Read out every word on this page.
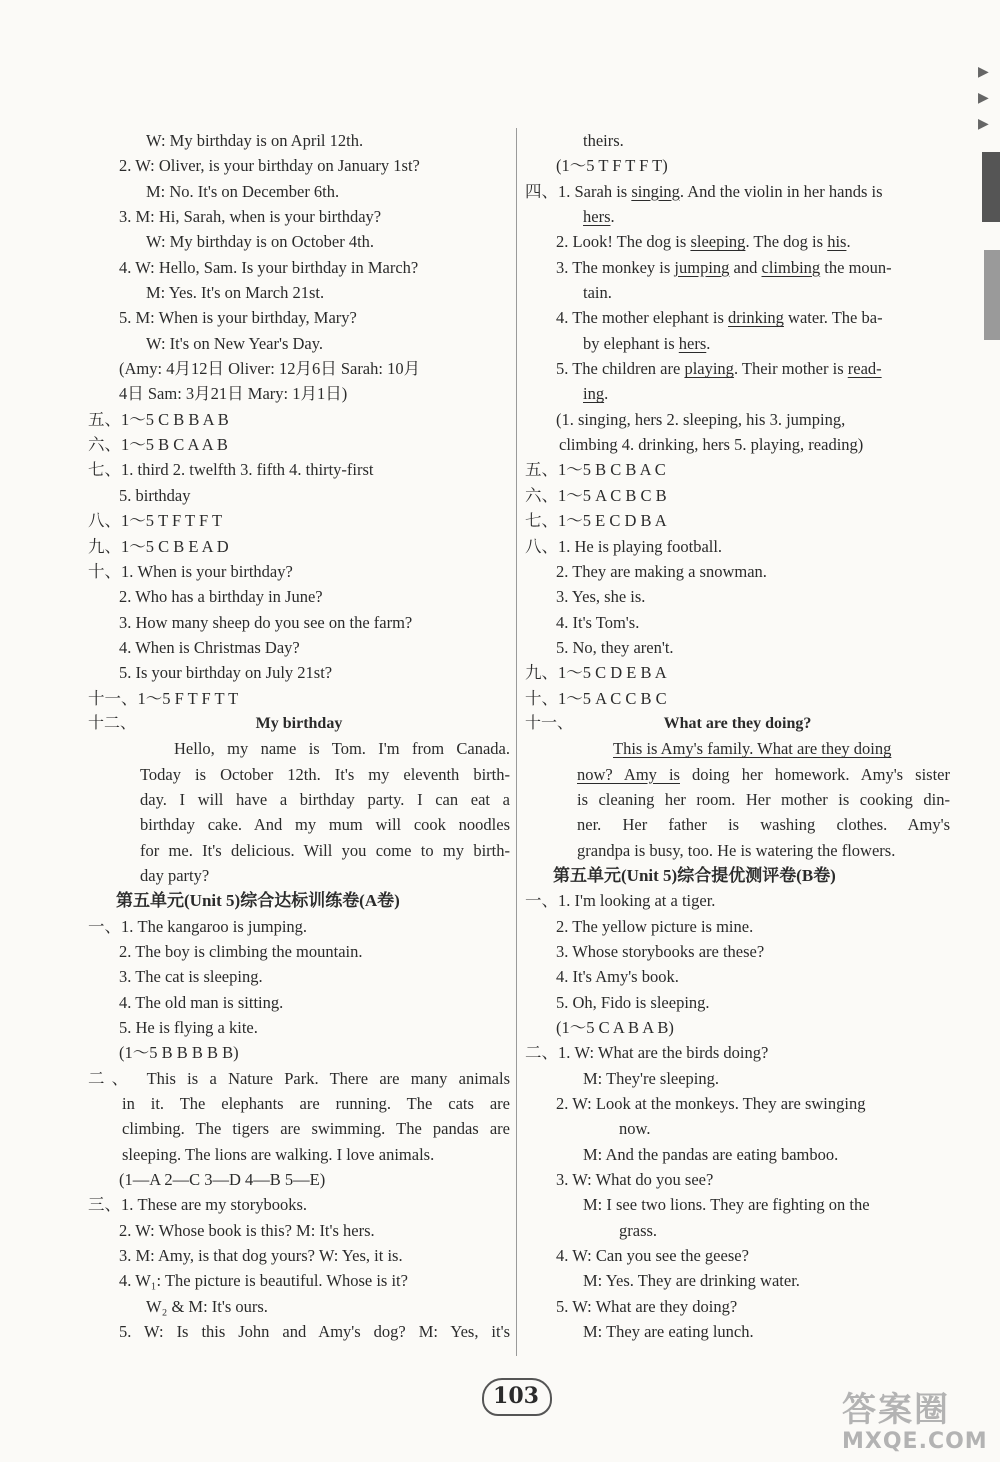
▶
▶
▶
W: My birthday is on April 12th.
2. W: Oliver, is your birthday on January 1st?
M: No. It's on December 6th.
3. M: Hi, Sarah, when is your birthday?
W: My birthday is on October 4th.
4. W: Hello, Sam. Is your birthday in March?
M: Yes. It's on March 21st.
5. M: When is your birthday, Mary?
W: It's on New Year's Day.
(Amy: 4月12日 Oliver: 12月6日 Sarah: 10月
4日 Sam: 3月21日 Mary: 1月1日)
五、1～5 C B B A B
六、1～5 B C A A B
七、1. third 2. twelfth 3. fifth 4. thirty-first
5. birthday
八、1～5 T F T F T
九、1～5 C B E A D
十、1. When is your birthday?
2. Who has a birthday in June?
3. How many sheep do you see on the farm?
4. When is Christmas Day?
5. Is your birthday on July 21st?
十一、1～5 F T F T T
十二、	My birthday
Hello, my name is Tom. I'm from Canada.
Today is October 12th. It's my eleventh birth-
day. I will have a birthday party. I can eat a
birthday cake. And my mum will cook noodles
for me. It's delicious. Will you come to my birth-
day party?
第五单元(Unit 5)综合达标训练卷(A卷)
一、1. The kangaroo is jumping.
2. The boy is climbing the mountain.
3. The cat is sleeping.
4. The old man is sitting.
5. He is flying a kite.
(1～5 B B B B B)
二、 This is a Nature Park. There are many animals
in it. The elephants are running. The cats are
climbing. The tigers are swimming. The pandas are
sleeping. The lions are walking. I love animals.
(1—A 2—C 3—D 4—B 5—E)
三、1. These are my storybooks.
2. W: Whose book is this? M: It's hers.
3. M: Amy, is that dog yours? W: Yes, it is.
4. W₁: The picture is beautiful. Whose is it?
W₂ & M: It's ours.
5. W: Is this John and Amy's dog? M: Yes, it's
theirs.
(1～5 T F T F T)
四、1. Sarah is singing. And the violin in her hands is
hers.
2. Look! The dog is sleeping. The dog is his.
3. The monkey is jumping and climbing the moun-
tain.
4. The mother elephant is drinking water. The ba-
by elephant is hers.
5. The children are playing. Their mother is read-
ing.
(1. singing, hers 2. sleeping, his 3. jumping,
climbing 4. drinking, hers 5. playing, reading)
五、1～5 B C B A C
六、1～5 A C B C B
七、1～5 E C D B A
八、1. He is playing football.
2. They are making a snowman.
3. Yes, she is.
4. It's Tom's.
5. No, they aren't.
九、1～5 C D E B A
十、1～5 A C C B C
十一、	What are they doing?
This is Amy's family. What are they doing
now? Amy is doing her homework. Amy's sister
is cleaning her room. Her mother is cooking din-
ner. Her father is washing clothes. Amy's
grandpa is busy, too. He is watering the flowers.
第五单元(Unit 5)综合提优测评卷(B卷)
一、1. I'm looking at a tiger.
2. The yellow picture is mine.
3. Whose storybooks are these?
4. It's Amy's book.
5. Oh, Fido is sleeping.
(1～5 C A B A B)
二、1. W: What are the birds doing?
M: They're sleeping.
2. W: Look at the monkeys. They are swinging
now.
M: And the pandas are eating bamboo.
3. W: What do you see?
M: I see two lions. They are fighting on the
grass.
4. W: Can you see the geese?
M: Yes. They are drinking water.
5. W: What are they doing?
M: They are eating lunch.
103	答案圈
MXQE.COM
